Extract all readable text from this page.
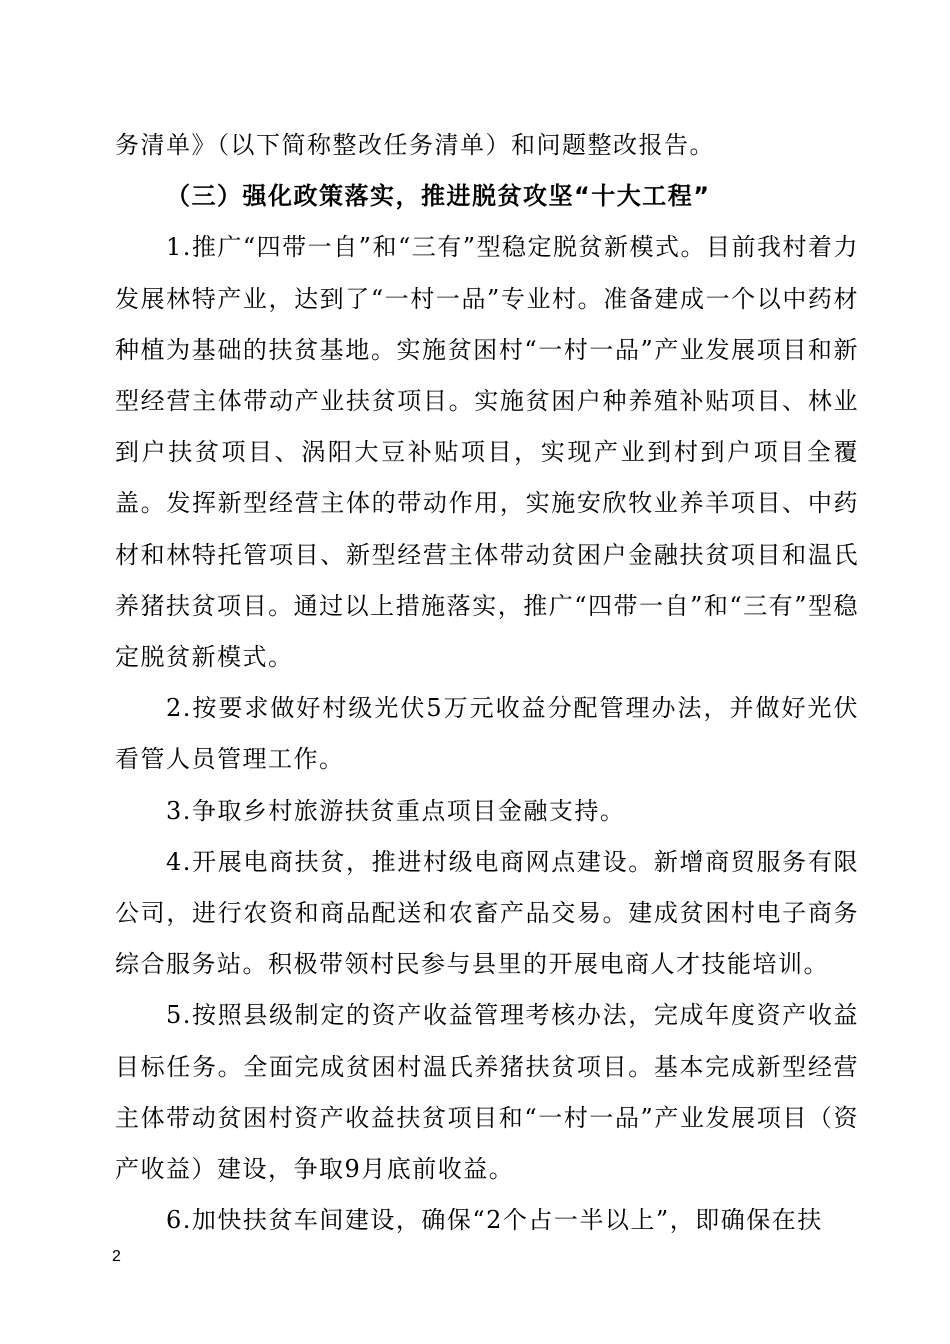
务清单》（以下简称整改任务清单）和问题整改报告。

（三）强化政策落实，推进脱贫攻坚“十大工程”

1.推广“四带一自”和“三有”型稳定脱贫新模式。目前我村着力发展林特产业，达到了“一村一品”专业村。准备建成一个以中药材种植为基础的扶贫基地。实施贫困村“一村一品”产业发展项目和新型经营主体带动产业扶贫项目。实施贫困户种养殖补贴项目、林业到户扶贫项目、涡阳大豆补贴项目，实现产业到村到户项目全覆盖。发挥新型经营主体的带动作用，实施安欣牧业养羊项目、中药材和林特托管项目、新型经营主体带动贫困户金融扶贫项目和温氏养猪扶贫项目。通过以上措施落实，推广“四带一自”和“三有”型稳定脱贫新模式。

2.按要求做好村级光伏5万元收益分配管理办法，并做好光伏看管人员管理工作。

3.争取乡村旅游扶贫重点项目金融支持。

4.开展电商扶贫，推进村级电商网点建设。新增商贸服务有限公司，进行农资和商品配送和农畜产品交易。建成贫困村电子商务综合服务站。积极带领村民参与县里的开展电商人才技能培训。

5.按照县级制定的资产收益管理考核办法，完成年度资产收益目标任务。全面完成贫困村温氏养猪扶贫项目。基本完成新型经营主体带动贫困村资产收益扶贫项目和“一村一品”产业发展项目（资产收益）建设，争取9月底前收益。

6.加快扶贫车间建设，确保“2个占一半以上”，即确保在扶

2
